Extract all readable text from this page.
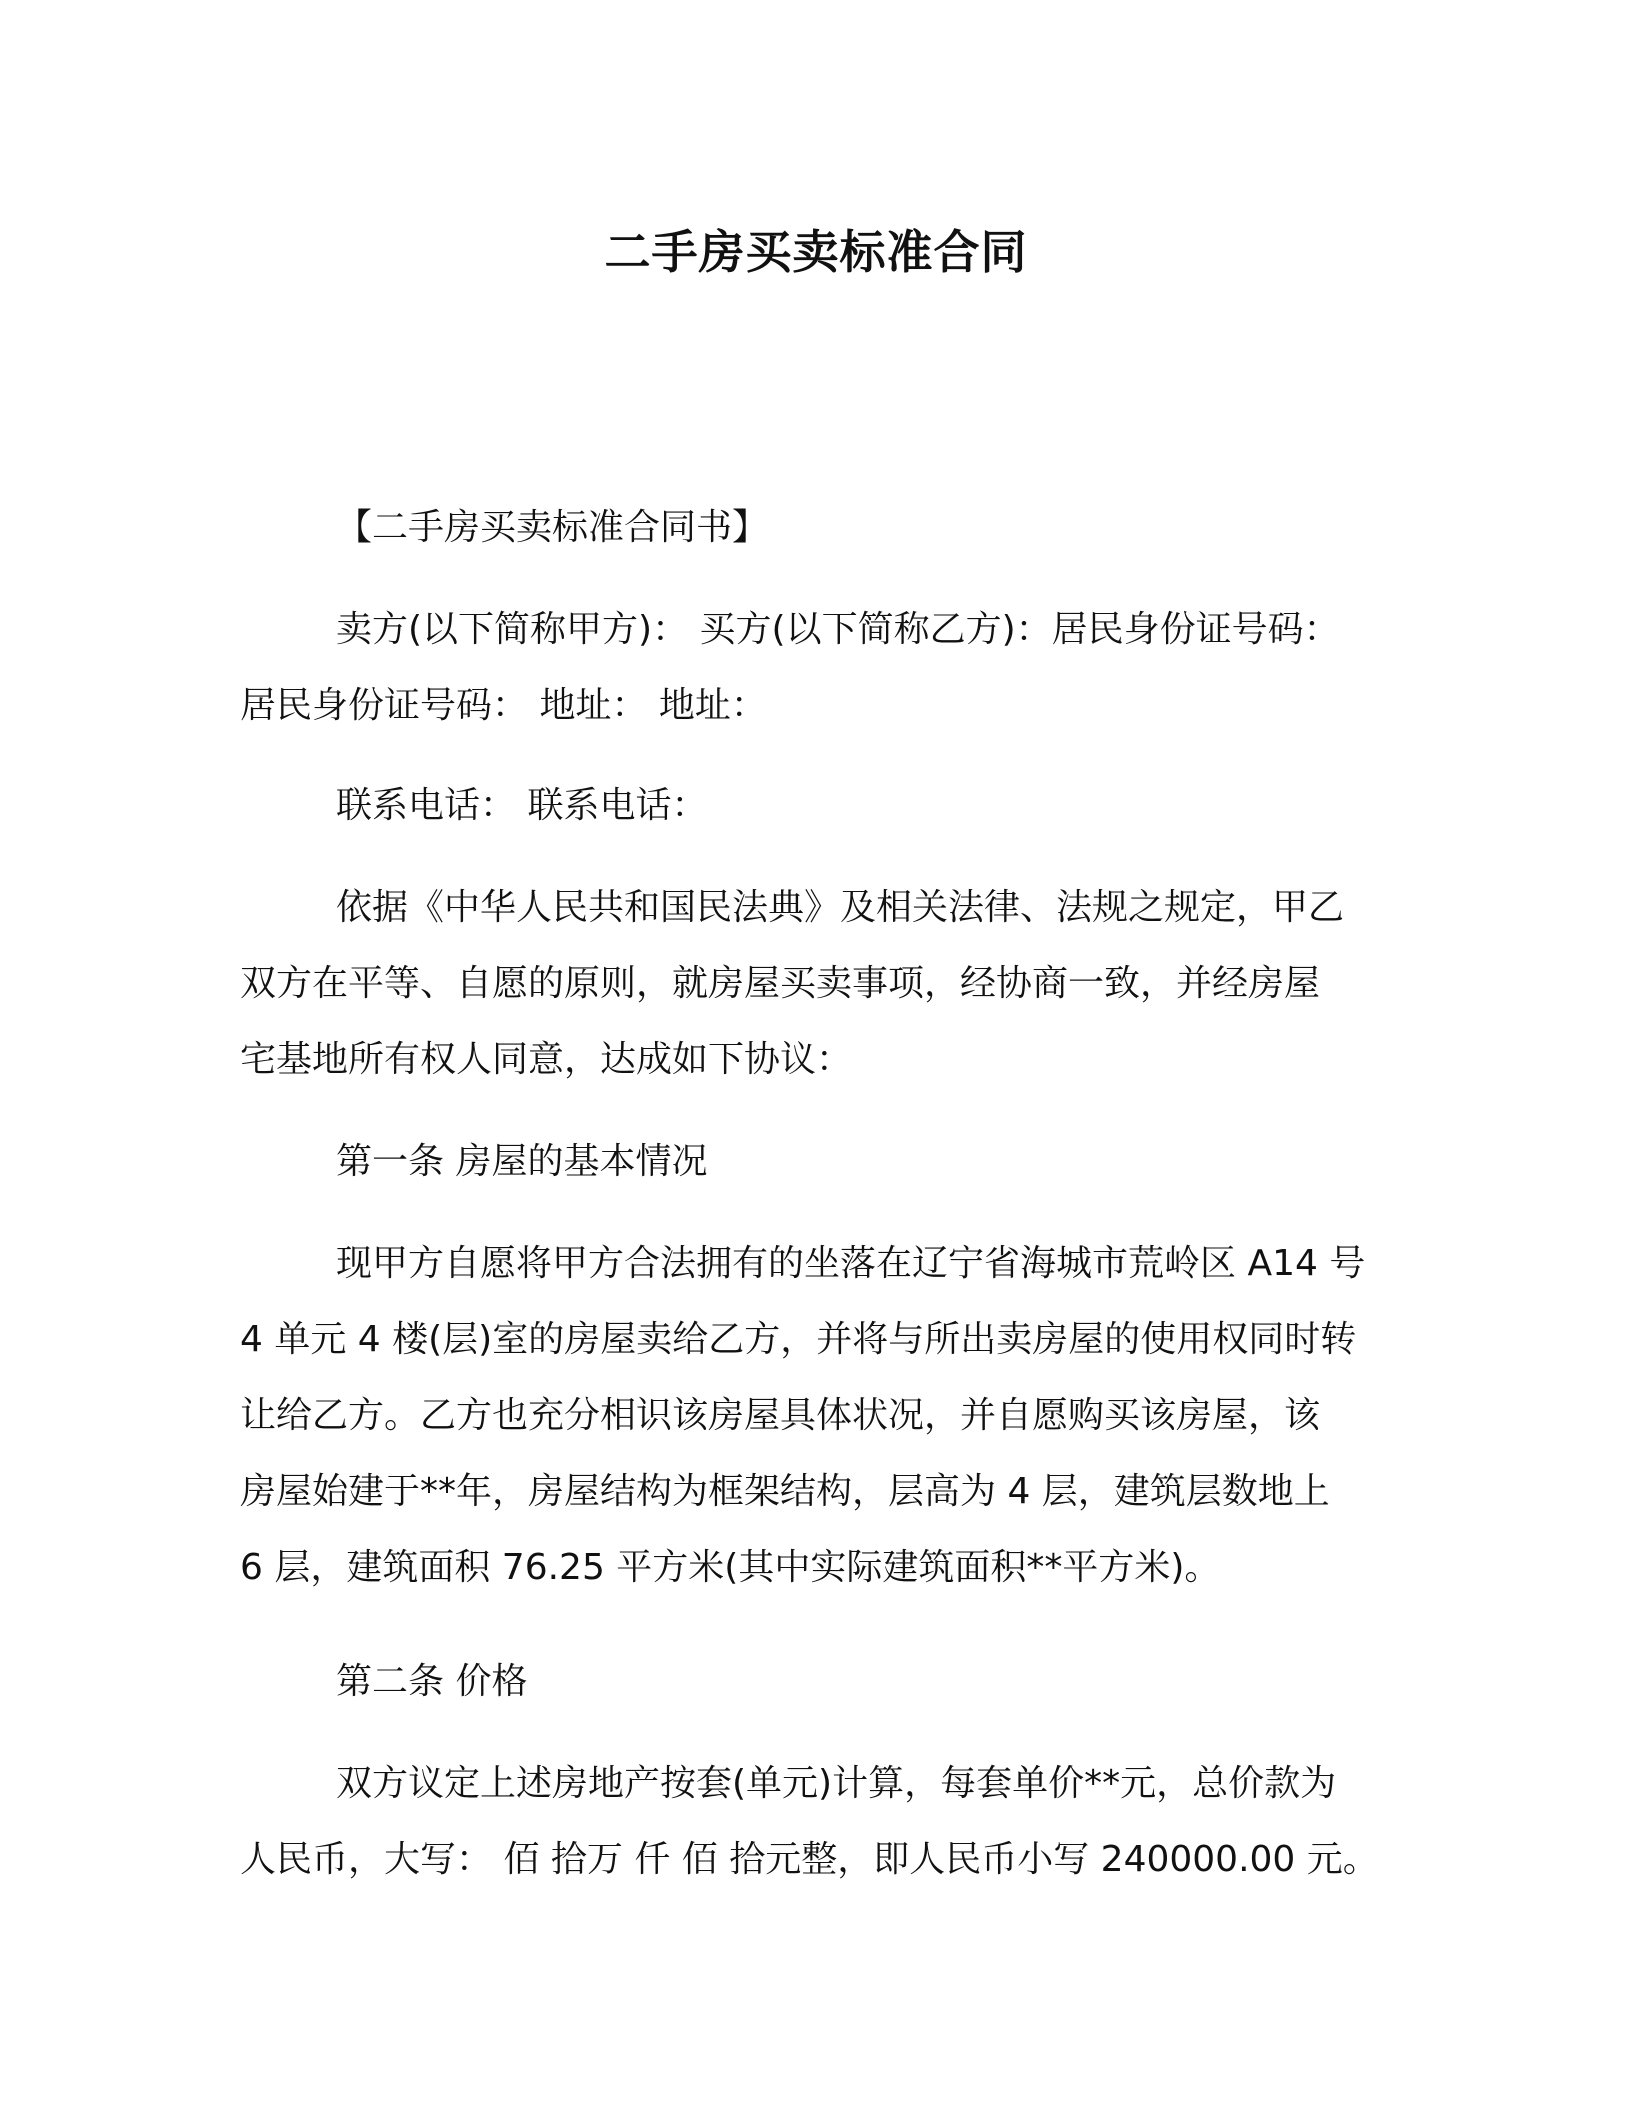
二手房买卖标准合同

【二手房买卖标准合同书】

卖方(以下简称甲方)： 买方(以下简称乙方)：居民身份证号码：
居民身份证号码： 地址： 地址：

联系电话： 联系电话：

依据《中华人民共和国民法典》及相关法律、法规之规定，甲乙
双方在平等、自愿的原则，就房屋买卖事项，经协商一致，并经房屋
宅基地所有权人同意，达成如下协议：

第一条 房屋的基本情况

现甲方自愿将甲方合法拥有的坐落在辽宁省海城市荒岭区 A14 号
4 单元 4 楼(层)室的房屋卖给乙方，并将与所出卖房屋的使用权同时转
让给乙方。乙方也充分相识该房屋具体状况，并自愿购买该房屋，该
房屋始建于**年，房屋结构为框架结构，层高为 4 层，建筑层数地上
6 层，建筑面积 76.25 平方米(其中实际建筑面积**平方米)。

第二条 价格

双方议定上述房地产按套(单元)计算，每套单价**元，总价款为
人民币，大写： 佰 拾万 仟 佰 拾元整，即人民币小写 240000.00 元。
